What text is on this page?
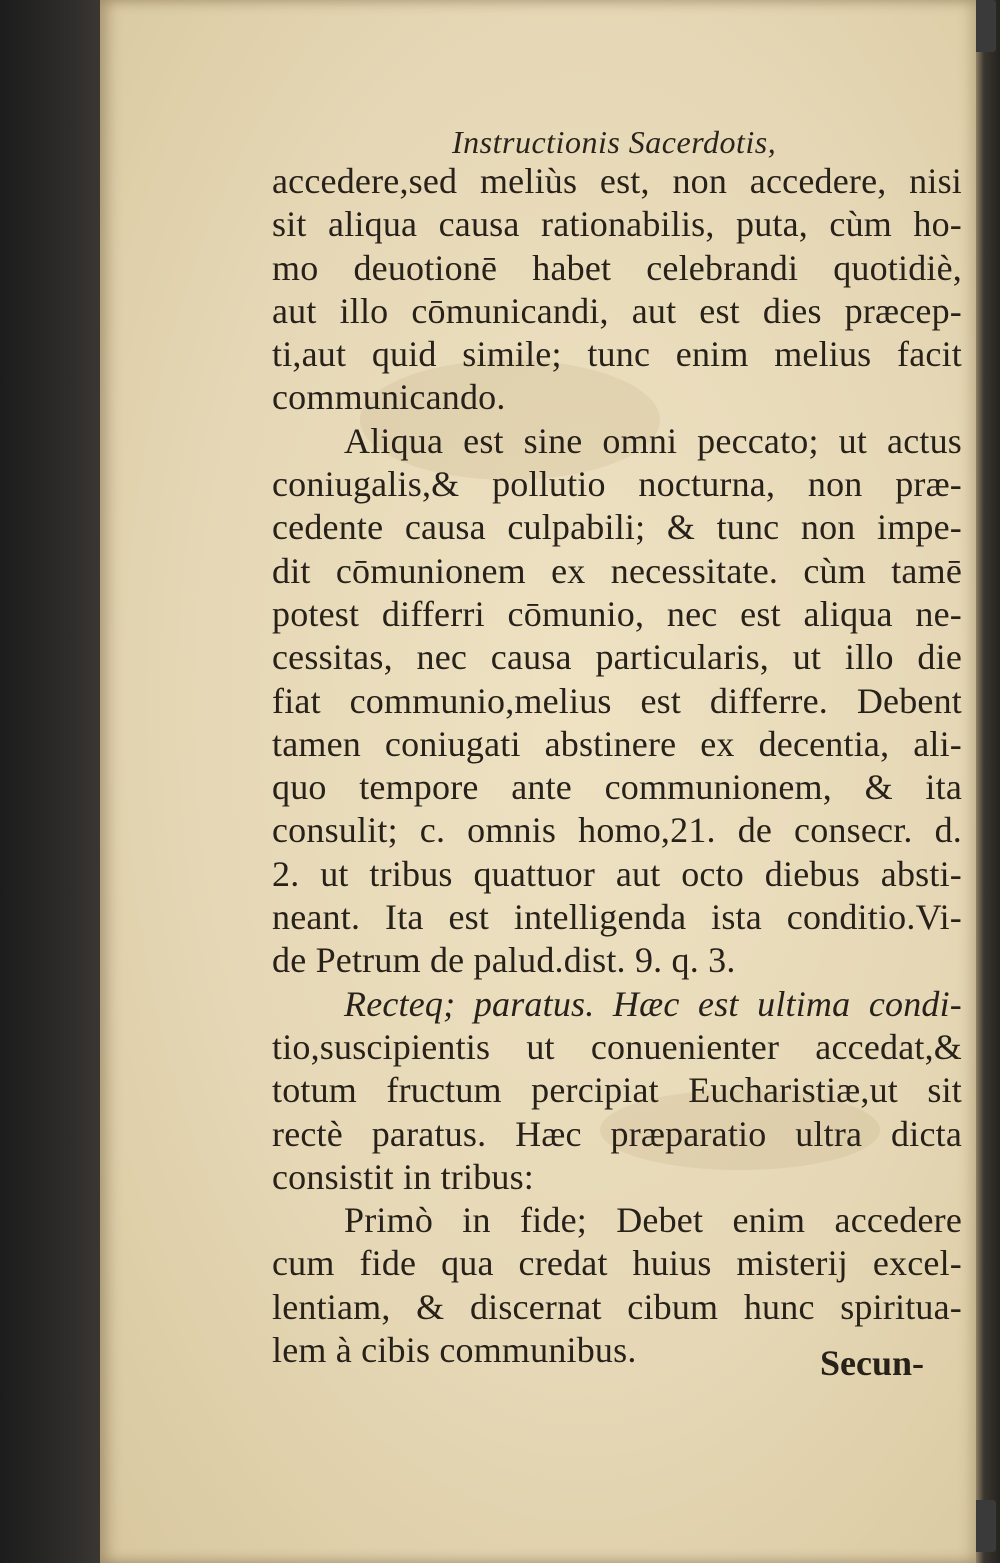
Instructionis Sacerdotis,
accedere,sed meliùs est, non accedere, nisi
sit aliqua causa rationabilis, puta, cùm ho-
mo deuotionē habet celebrandi quotidiè,
aut illo cōmunicandi, aut est dies præcep-
ti,aut quid simile; tunc enim melius facit
communicando.
Aliqua est sine omni peccato; ut actus
coniugalis,& pollutio nocturna, non præ-
cedente causa culpabili; & tunc non impe-
dit cōmunionem ex necessitate. cùm tamē
potest differri cōmunio, nec est aliqua ne-
cessitas, nec causa particularis, ut illo die
fiat communio,melius est differre. Debent
tamen coniugati abstinere ex decentia, ali-
quo tempore ante communionem, & ita
consulit; c. omnis homo,21. de consecr. d.
2. ut tribus quattuor aut octo diebus absti-
neant. Ita est intelligenda ista conditio.Vi-
de Petrum de palud.dist. 9. q. 3.
Recteq; paratus. Hæc est ultima condi-
tio,suscipientis ut conuenienter accedat,&
totum fructum percipiat Eucharistiæ,ut sit
rectè paratus. Hæc præparatio ultra dicta
consistit in tribus:
Primò in fide; Debet enim accedere
cum fide qua credat huius misterij excel-
lentiam, & discernat cibum hunc spiritua-
lem à cibis communibus.	Secun-
